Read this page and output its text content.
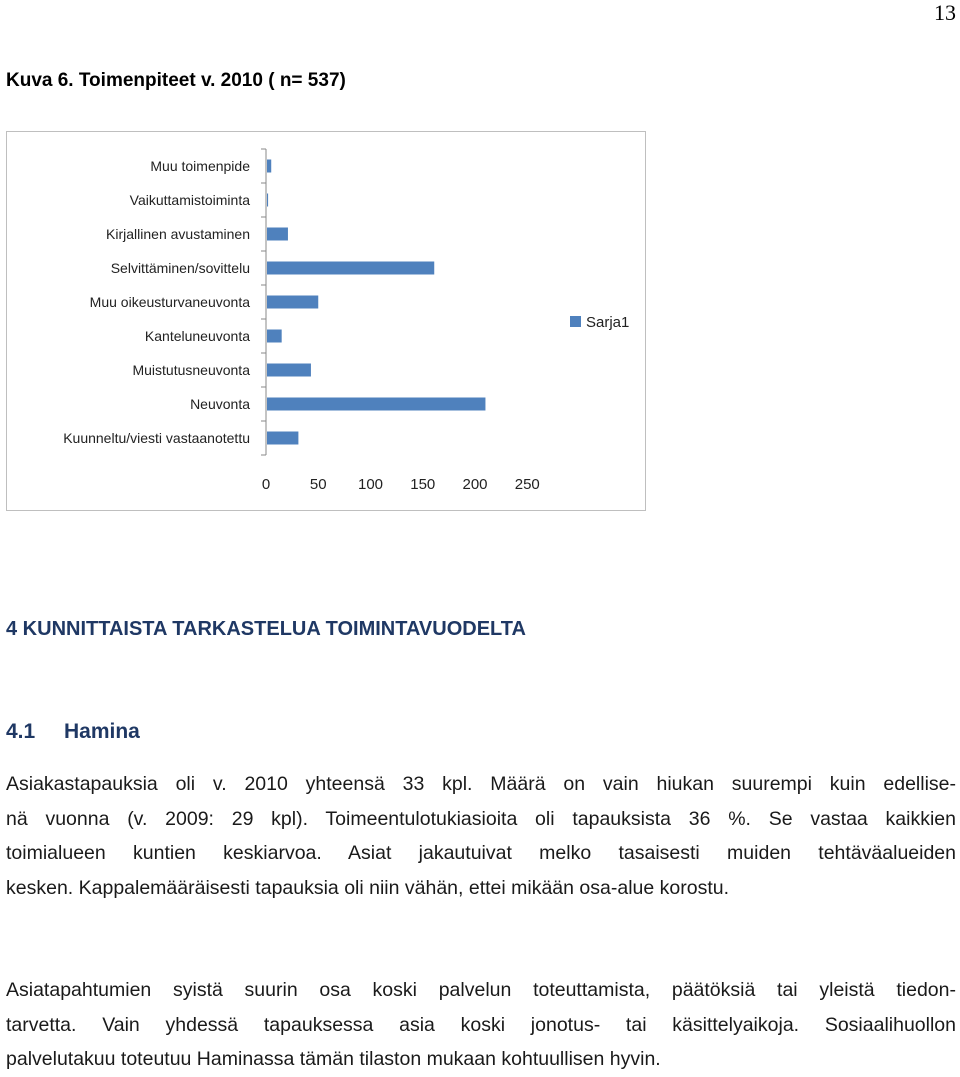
13
Kuva 6. Toimenpiteet v. 2010 ( n= 537)
Muu toimenpide
Vaikuttamistoiminta
Kirjallinen avustaminen
Selvittäminen/sovittelu
Muu oikeusturvaneuvonta
Kanteluneuvonta
Muistutusneuvonta
Neuvonta
Kuunneltu/viesti vastaanotettu
0	50 100 150 200 250
Sarja1
4 KUNNITTAISTA TARKASTELUA TOIMINTAVUODELTA
4.1 Hamina
Asiakastapauksia oli v. 2010 yhteensä 33 kpl. Määrä on vain hiukan suurempi kuin edellise-
nä vuonna (v. 2009: 29 kpl). Toimeentulotukiasioita oli tapauksista 36 %. Se vastaa kaikkien
toimialueen kuntien keskiarvoa. Asiat jakautuivat melko tasaisesti muiden tehtäväalueiden
kesken. Kappalemääräisesti tapauksia oli niin vähän, ettei mikään osa-alue korostu.
Asiatapahtumien syistä suurin osa koski palvelun toteuttamista, päätöksiä tai yleistä tiedon-
tarvetta. Vain yhdessä tapauksessa asia koski jonotus- tai käsittelyaikoja. Sosiaalihuollon
palvelutakuu toteutuu Haminassa tämän tilaston mukaan kohtuullisen hyvin.
